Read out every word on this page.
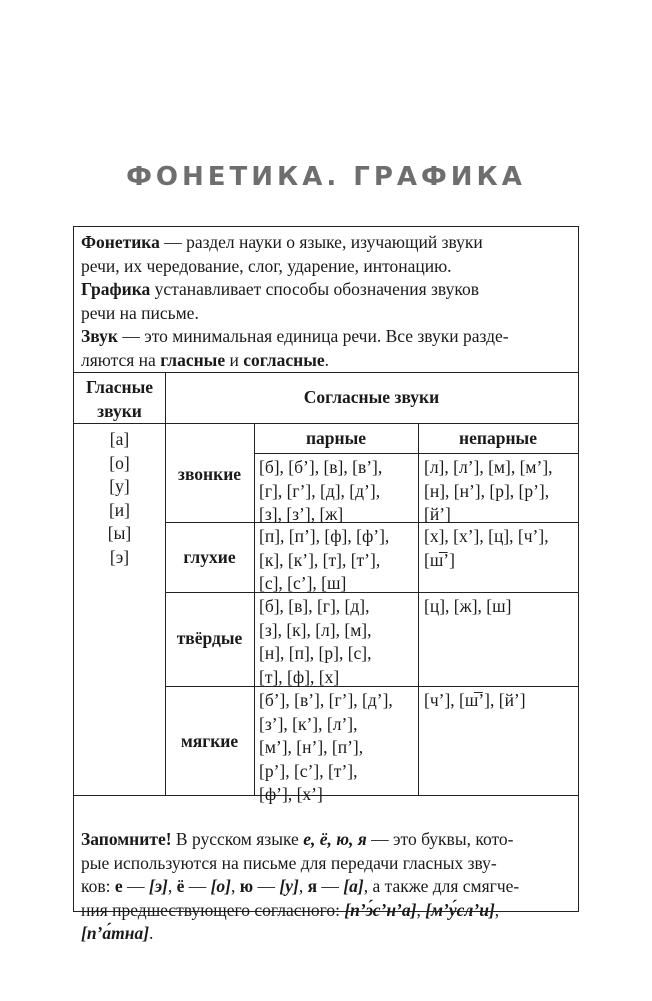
ФОНЕТИКА. ГРАФИКА

Фонетика — раздел науки о языке, изучающий звуки

речи, их чередование, слог, ударение, интонацию.

Графика устанавливает способы обозначения звуков

речи на письме.

Звук — это минимальная единица речи. Все звуки разде-

ляются на гласные и согласные.

Гласные
звуки
Согласные звуки
парные	непарные
[а]
[о]
[у]
[и]
[ы]
[э]
звонкие	[б], [б’], [в], [в’],
[г], [г’], [д], [д’],
[з], [з’], [ж]
[л], [л’], [м], [м’],
[н], [н’], [р], [р’],
[й’]
глухие
[п], [п’], [ф], [ф’],
[к], [к’], [т], [т’],
[с], [с’], [ш]
[х], [х’], [ц], [ч’],
[ш̅’]
твёрдые
[б], [в], [г], [д],
[з], [к], [л], [м],
[н], [п], [р], [с],
[т], [ф], [х]
[ц], [ж], [ш]
мягкие
[б’], [в’], [г’], [д’],
[з’], [к’], [л’],
[м’], [н’], [п’],
[р’], [с’], [т’],
[ф’], [х’]
[ч’], [ш̅’], [й’]

Запомните! В русском языке е, ё, ю, я — это буквы, кото-

рые используются на письме для передачи гласных зву-

ков: е — [э], ё — [о], ю — [у], я — [а], а также для смягче-

ния предшествующего согласного: [п’э́с’н’а], [м’у́сл’и],

[п’а́тна].
